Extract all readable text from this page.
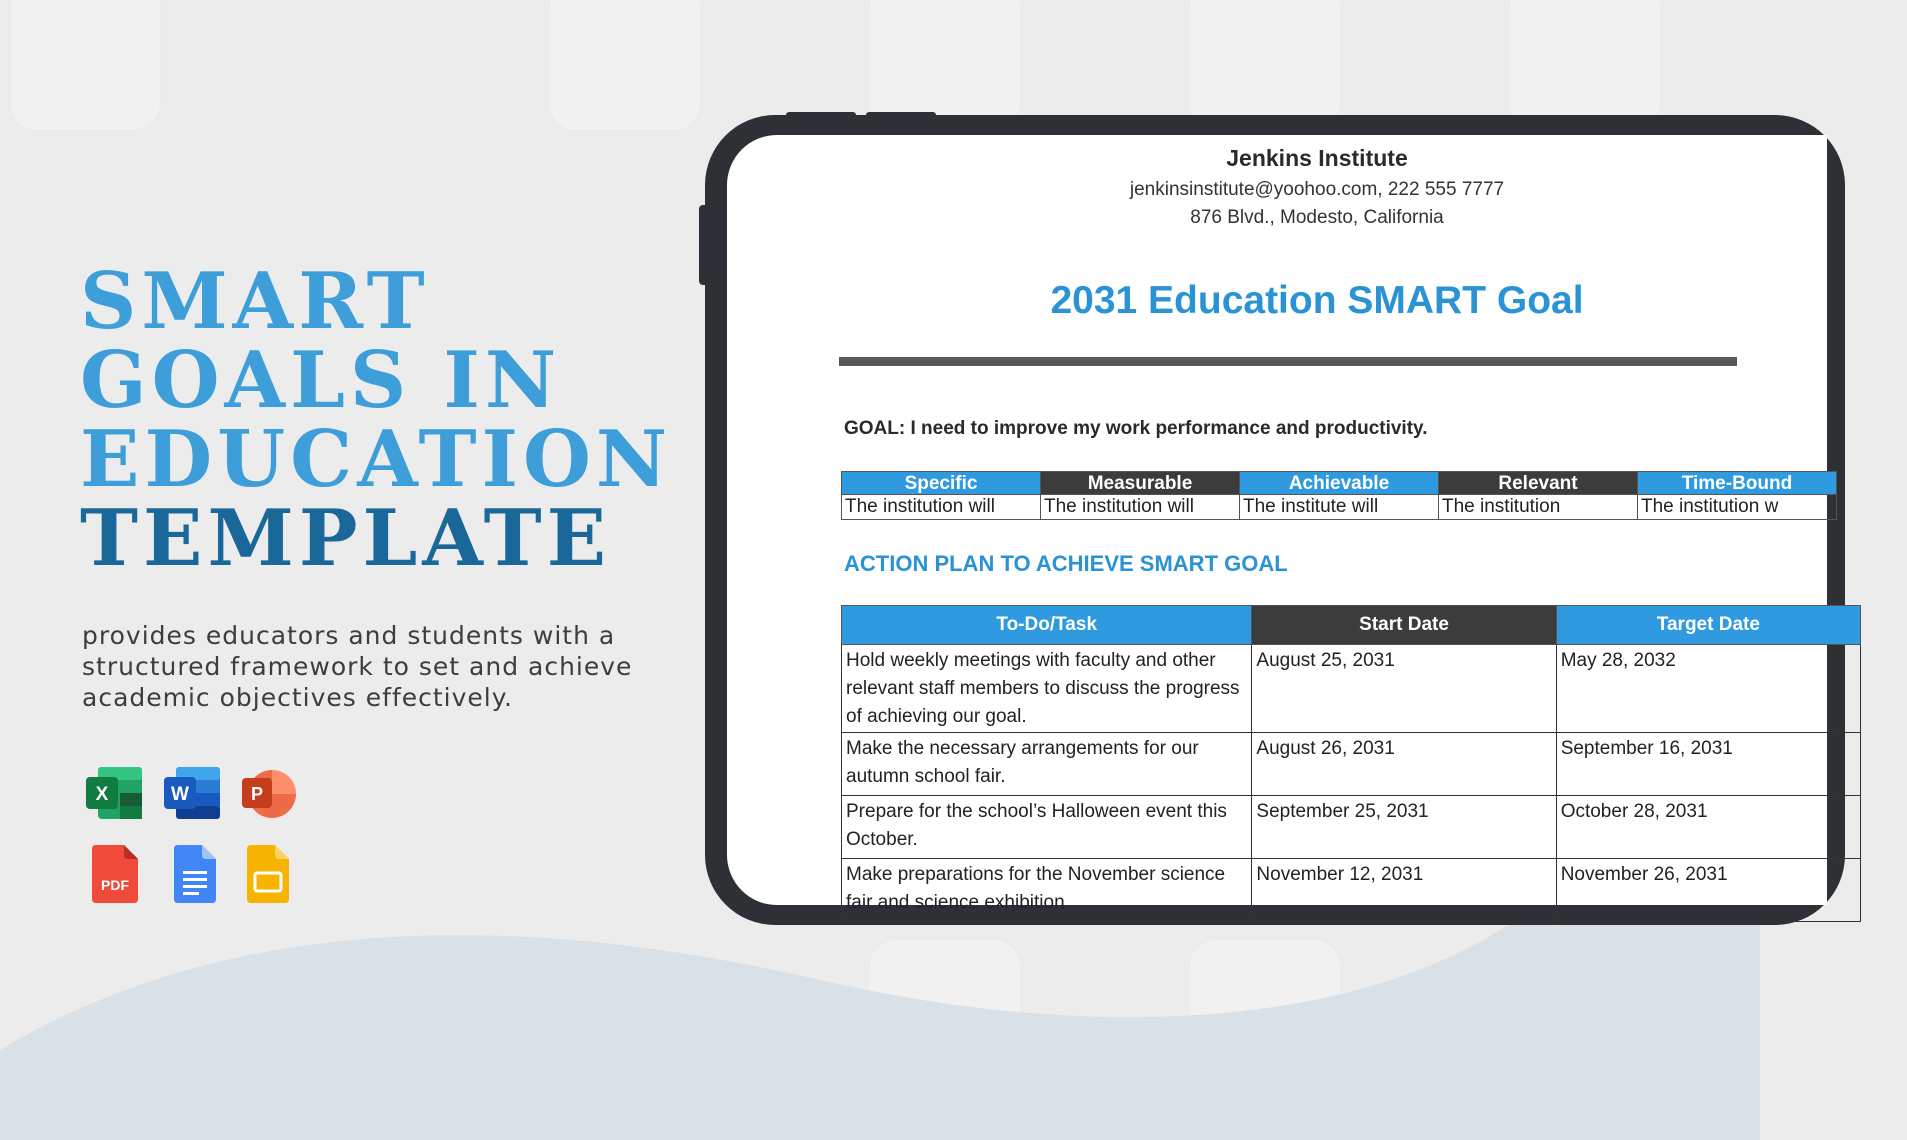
SMART
GOALS IN
EDUCATION
TEMPLATE

provides educators and students with a structured framework to set and achieve academic objectives effectively.

X	W	P
PDF

Jenkins Institute

jenkinsinstitute@yoohoo.com, 222 555 7777

876 Blvd., Modesto, California

2031 Education SMART Goal

GOAL: I need to improve my work performance and productivity.

Specific	Measurable	Achievable	Relevant	Time-Bound
The institution will	The institution will	The institute will	The institution	The institution w
ACTION PLAN TO ACHIEVE SMART GOAL
To-Do/Task	Start Date	Target Date
Hold weekly meetings with faculty and other relevant staff members to discuss the progress of achieving our goal.	August 25, 2031	May 28, 2032
Make the necessary arrangements for our autumn school fair.	August 26, 2031	September 16, 2031
Prepare for the school’s Halloween event this October.	September 25, 2031	October 28, 2031
Make preparations for the November science fair and science exhibition	November 12, 2031	November 26, 2031
